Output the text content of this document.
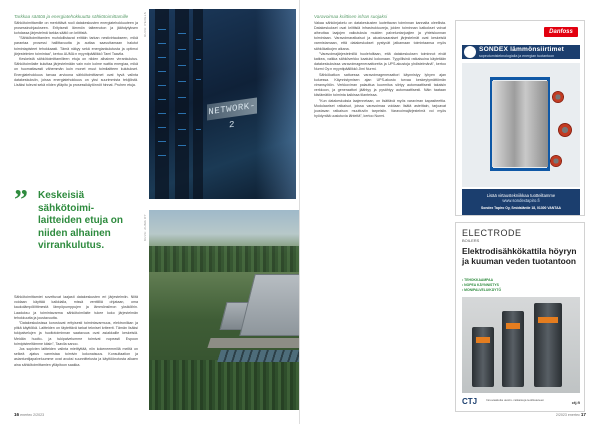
Tarkkaa säätöä ja energiatehokkuutta sähkötoimittamille

Sähkötoimittamille on merkittävä rooli datakeskusten energiatehokkuuteen ja prosessinohjaukseen. Erityisesti lämmön talteenoton ja jäähdytyksen kohdassa järjestelmä tarkka säätö on kriittistä.

”Sähkötoimittamien muhdollistavat erittäin tarkan nestivirtaukseen, mikä parantaa prosessi hallittavuutta ja auttaa saavuttamaan halutut toimintapisteet tehokkaasti. Tämä näkyy sekä energiankulutusta ja optimoi järjestelmien toimintaa”, kertoo AUMA:n myyntipäällikkö Tami Taavila.

Keskeistä sähkötoimittamilleen etuja on niiden alhainen virrankulutus. Sähkötoimilaite kuluttaa järjestelmään vain noin kolme wattia energiaa, mikä on huomattavasti vähemmän kuin monet muut toimilaitteen kulutukset. Energiatehokkuus tarvaa arvioona sähkötoimittamet ovat hyvä valinta datakeskuksiin, joissa energiatehokkuus on yksi suurimmista tekijöistä. Lisäksi tulevat sekä niiden ylläpito ja prosessikäytönnöt hinnat. Pruhen etuja.

NETWORK-2
KUVA: PEXELS
” Keskeisiä sähkötoimi-laitteiden etuja on niiden alhainen virrankulutus.

Sähkötoimittamiet soveltuvat laajasti datakeskusten eri järjestelmiin. Niitä voidaan käyttää kaikkialla, missä venttiiliä ohjataan, oma kaukolämpöliittimestä lämpöpumppujen ja lämmönsiirron yksiköihin. Laaduksu ja toimintavarma sähkötoimilaite tukee koko järjestelmän tehokkuutta ja joustavuutta.

”Datakeskuksissa korostuvat erityisesti toimintavarmuus, elektroniikan ja pitkä käyttöikä. Laitteiden on täytettävä tarkat tekniset kriteerit. Tämän lisäksi tukipalvelujen ja huoltotoiminnan saatavuus ovat asiakkaille keskeisiä. Meidän huolto- ja tukipalvelumme toimivat nopeasti Espoon toimipisteeltämme käsin”, Taavila sanoo.

Jos sopivien laitteiden valinta mietityttää, niin kokeneemmillä meiltä on selkeä ajatus varmistaa toimivin kokonaisuus. Konsultaation ja asiantuntijapalveluumme ovat avuksi suunnittelusta ja käyttöönotosta alkaen aina sähkötoimittamien ylläpitoon saakka.

KUVA: AUMA OY
16 enertec 2/2023
Varavoimaa kriittisen infran suojaksi

Vakaa sähkönjakelu on datakeskusten luotettavan toiminnan kannalta oleellista. Datakeskukset ovat kriittisiä infrastruktuureja, joiden toiminnan katkokset voivat aiheuttaa laajojen vaikutuksia muiden palveluntarjoajien ja yhteiskunnan toimintaan. Varavoimaratkaisut ja akustovaaraiset järjestelmät ovat keskeisiä varmistamaan, että datakeskukset pystyvät jatkamaan toimintaansa myös sähkökatkojen aikana.

”Varavoimajärjestelmillä huolehditaan, että datakeskuksen toiminnot eivät katkea, vaikka sähköverkko kaatuisi kokonaan. Tyypillisinä ratkaisuina käytetään datakeskuksissa varavoimageneraattoreita ja UPS-akustoja yhdistelmänä”, kertoo Nurmi Oy:n myyntipäällikkö Jimi Nurmi.

Sähkökatkon sattuessa varavoimageneraattori käynnistyy lyhyen ajan kuluessa. Käynnistymisen ajan UPS-akusto turvaa keskeytymättömän virransyötön. Verkkovirran palauttua kuormitus siirtyy automaattisesti takaisin verkkoon, ja generaattori jäähtyy ja pysähtyy automaattisesti. Näin taataan kiistämätön toiminta kaikissa tilanteissa.

”Kun datakeskuksia laajennetaan, on lisättävä myös varavirran kapasiteettia. Modulaariset ratkaisut, joissa varavoimaa voidaan lisätä asteittain, tarjoavat joustavan ratkaisun muuttuviin tarpeisiin. Varavoimajärjestelmä voi myös hyödyntää uusiutuvia lähteitä”, kertoo Nurmi.

Danfoss
SONDEX lämmönsiirtimet
sopeutumisteknologialla ja energian tuotantoon
Lisää virtaustekniikkaa tuotteiltamme
www.sondextapiro.fi
Sondex Tapiro Oy, Smidsläntie 18, 01300 VANTAA
ELECTRODE
BOILERS
Elektrodisähkökattila höyryn ja kuuman veden tuotantoon
• TEHOKKAAMPAA
• NOPEA KÄYNNISTYS
• MONIPALVELU/KÄYTÖ
CTJ	Innovaatioita uusiin- ratkaisuja teollisuuteen	ctj.fi
2/2023 enertec 17
